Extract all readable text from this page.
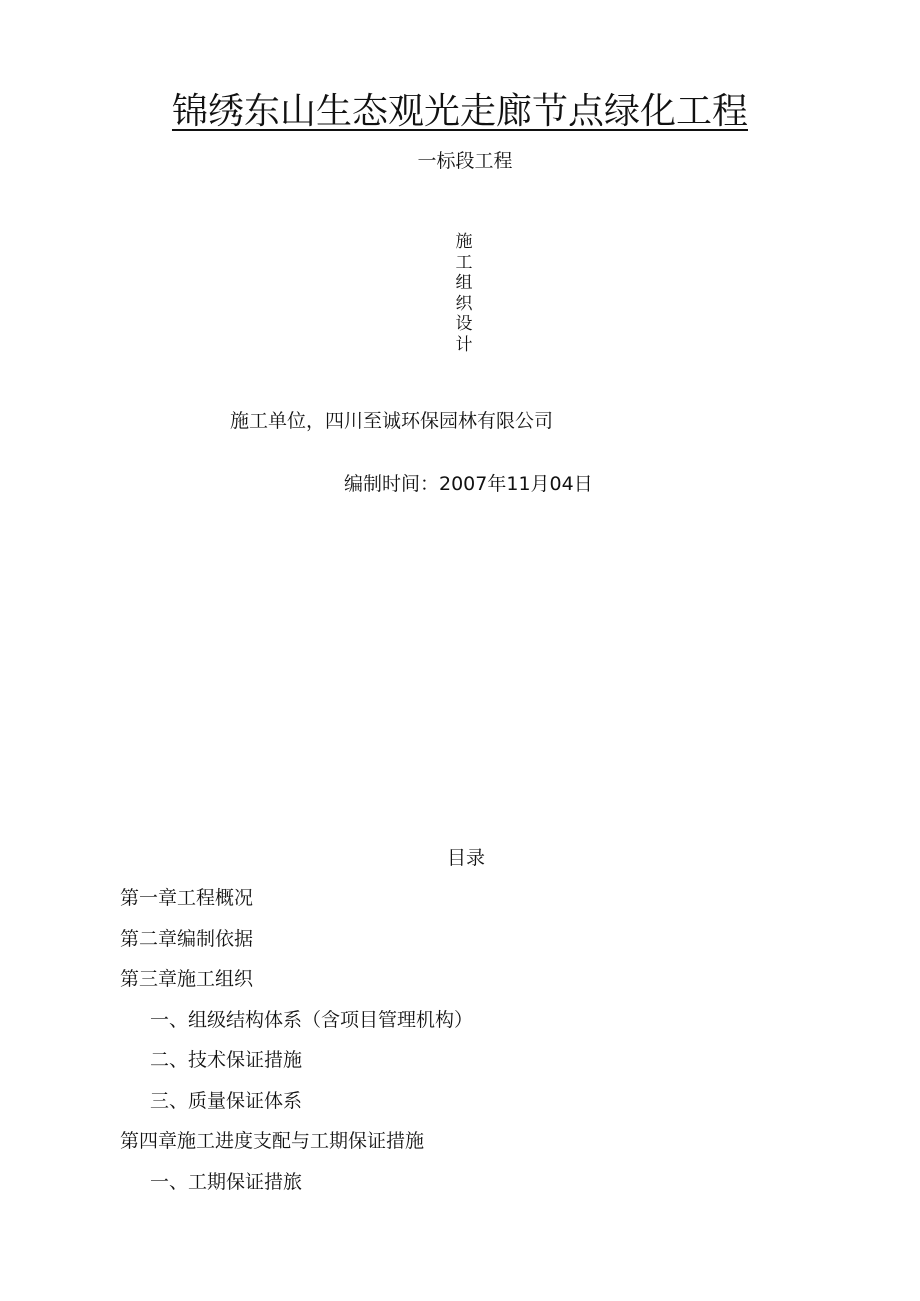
锦绣东山生态观光走廊节点绿化工程
一标段工程
施
工
组
织
设
计
施工单位，四川至诚环保园林有限公司
编制时间：2007年11月04日
目录
第一章工程概况
第二章编制依据
第三章施工组织
一、组级结构体系（含项目管理机构）
二、技术保证措施
三、质量保证体系
第四章施工进度支配与工期保证措施
一、工期保证措旅
